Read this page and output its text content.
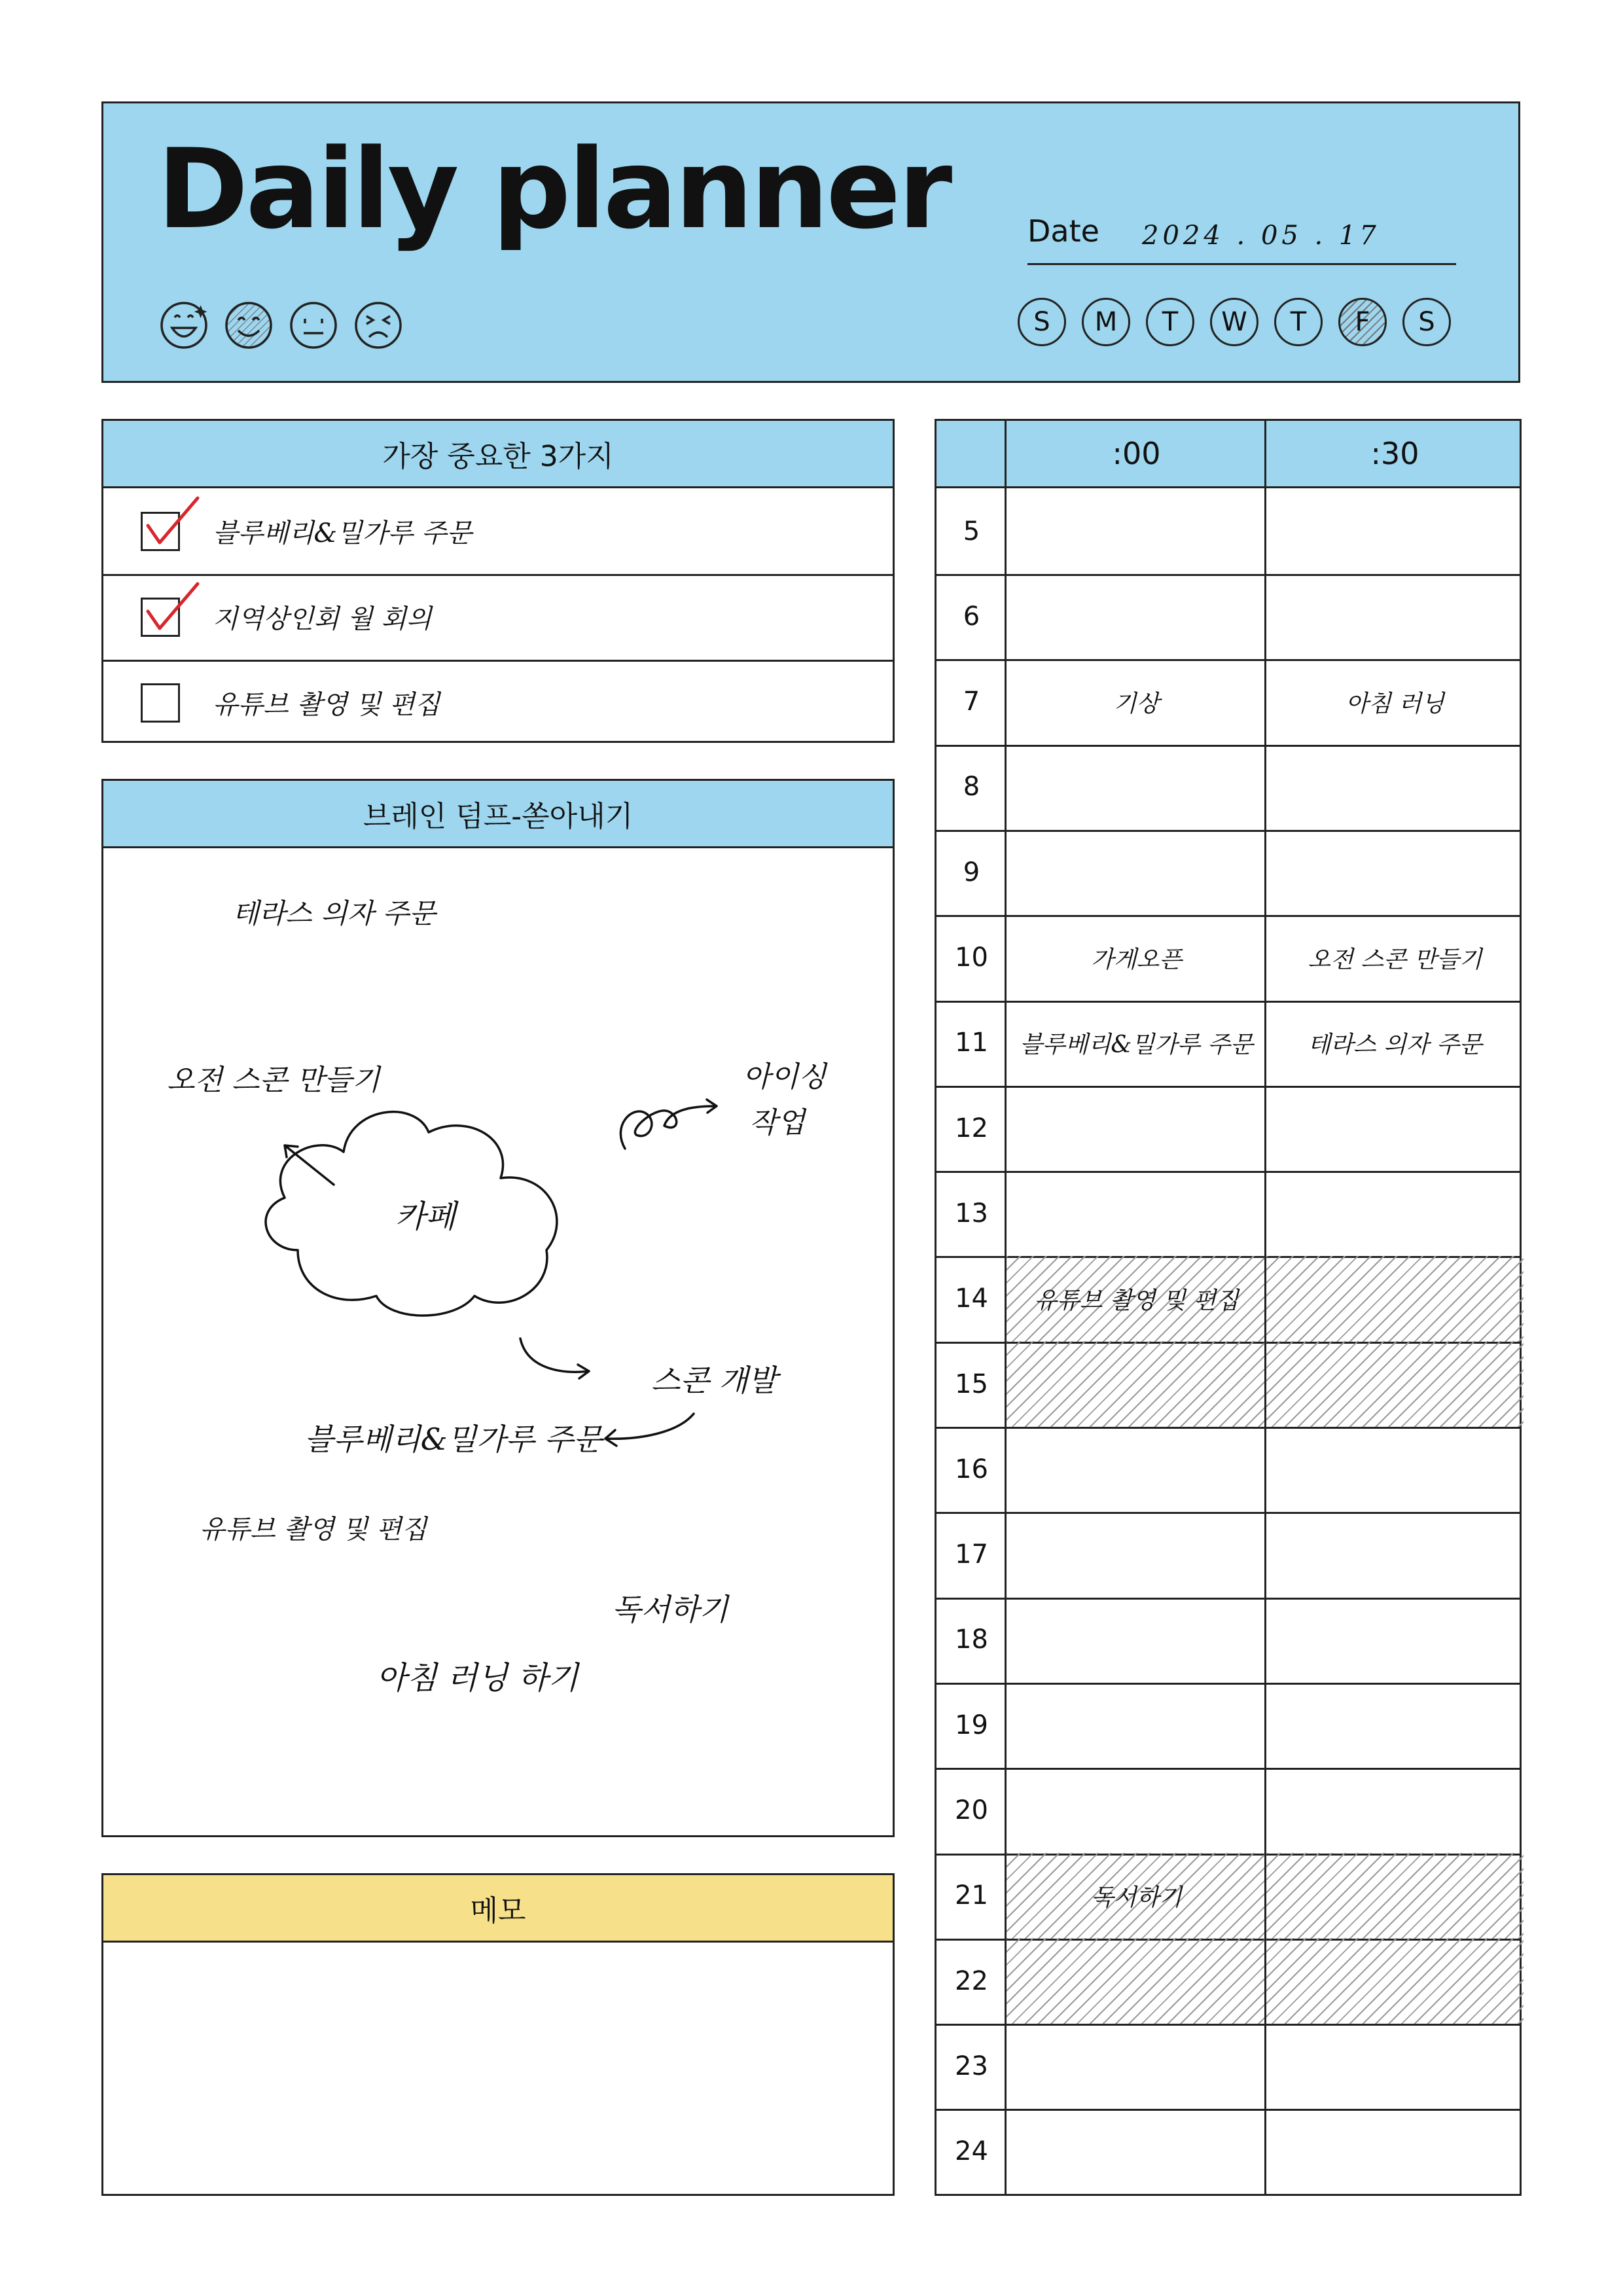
Daily planner	Date 2024 . 05 . 17
S M T W T F S
가장 중요한 3가지
블루베리&밀가루 주문
지역상인회 월 회의
유튜브 촬영 및 편집
브레인 덤프-쏟아내기
카페
테라스 의자 주문
오전 스콘 만들기	아이싱
작업
스콘 개발
블루베리&밀가루 주문
유튜브 촬영 및 편집
독서하기
아침 러닝 하기
메모
:00	:30
5
6
7	기상	아침 러닝
8
9
10	가게오픈	오전 스콘 만들기
11	블루베리&밀가루 주문	테라스 의자 주문
12
13
14	유튜브 촬영 및 편집
15
16
17
18
19
20
21	독서하기
22
23
24
